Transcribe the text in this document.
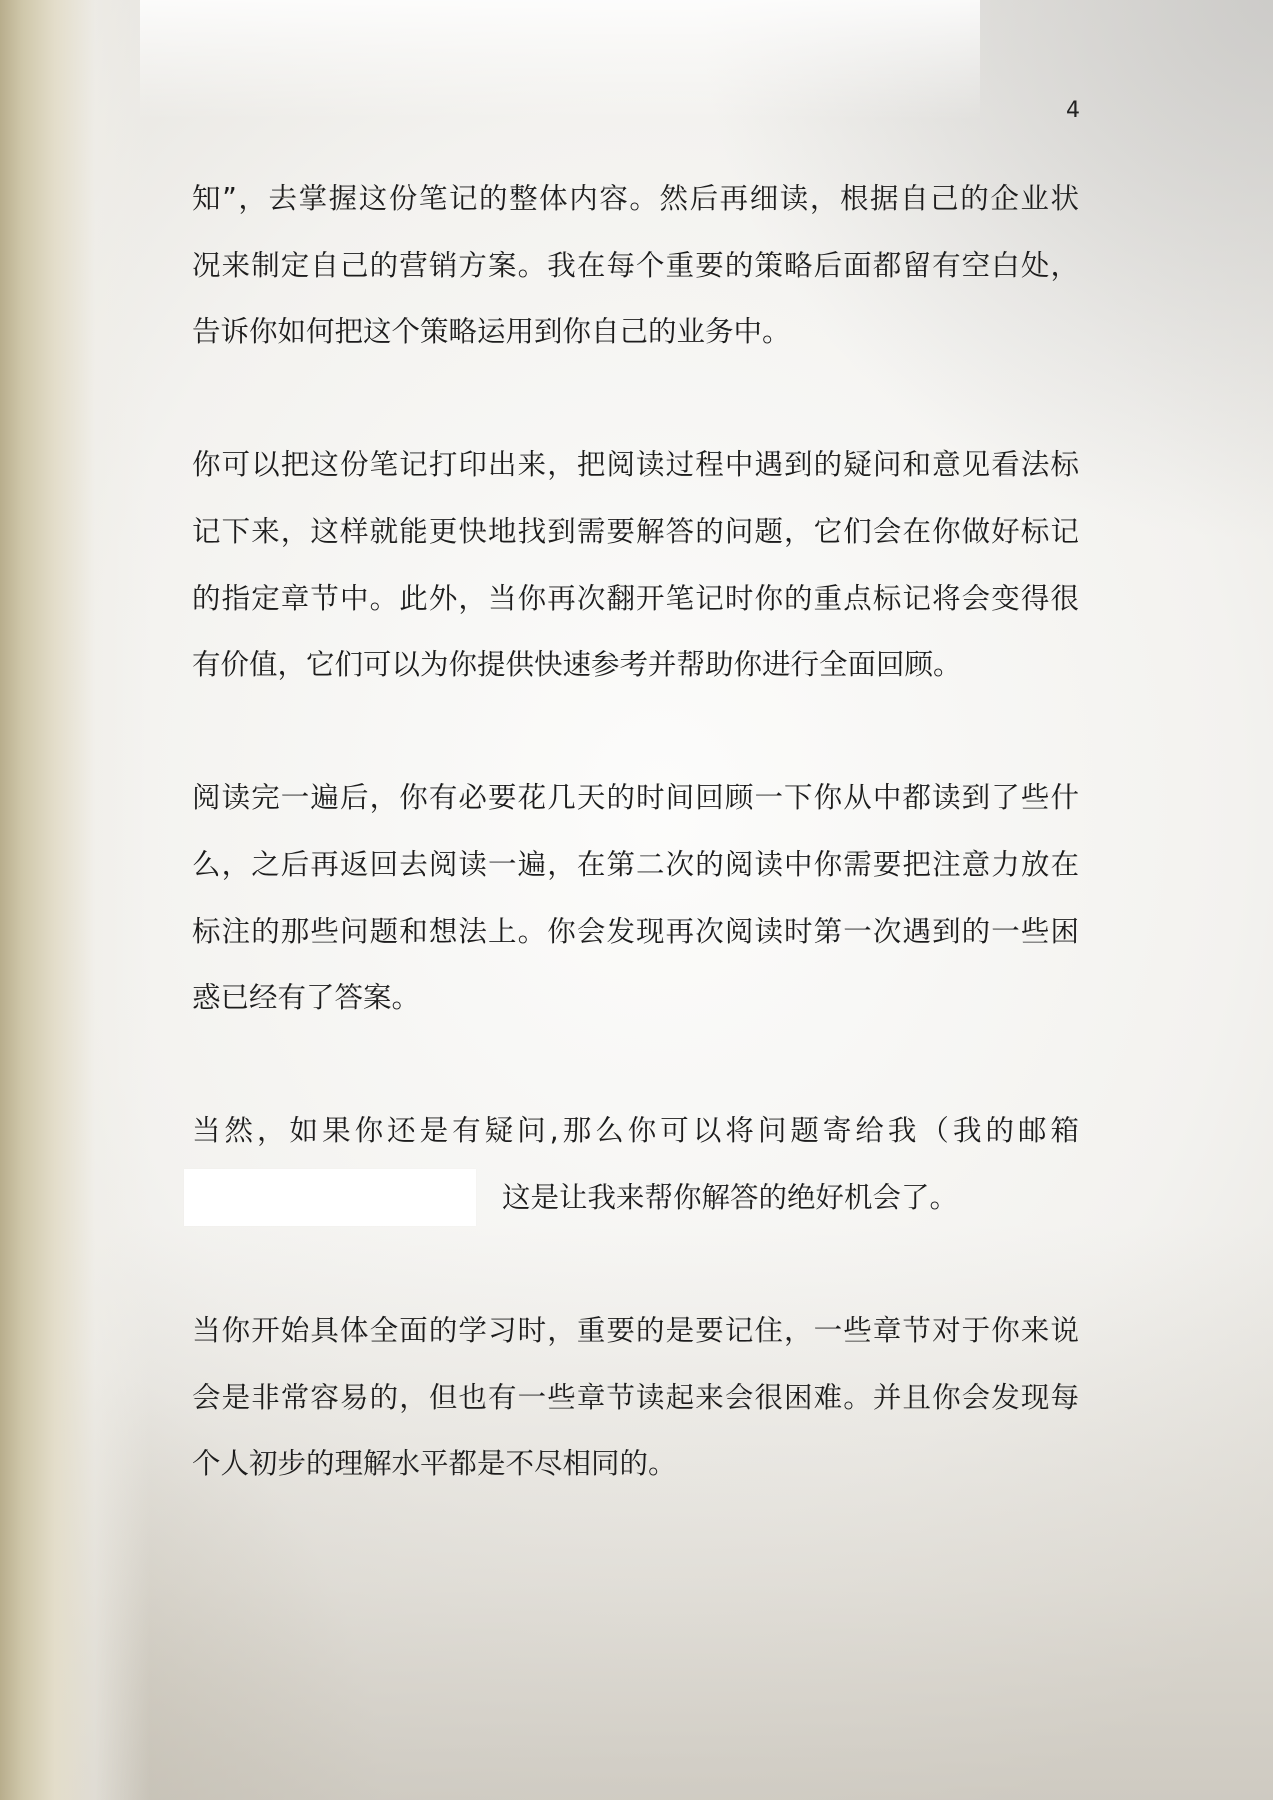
4
知”，去掌握这份笔记的整体内容。然后再细读，根据自己的企业状
况来制定自己的营销方案。我在每个重要的策略后面都留有空白处，
告诉你如何把这个策略运用到你自己的业务中。
你可以把这份笔记打印出来，把阅读过程中遇到的疑问和意见看法标
记下来，这样就能更快地找到需要解答的问题，它们会在你做好标记
的指定章节中。此外，当你再次翻开笔记时你的重点标记将会变得很
有价值，它们可以为你提供快速参考并帮助你进行全面回顾。
阅读完一遍后，你有必要花几天的时间回顾一下你从中都读到了些什
么，之后再返回去阅读一遍，在第二次的阅读中你需要把注意力放在
标注的那些问题和想法上。你会发现再次阅读时第一次遇到的一些困
惑已经有了答案。
当然，如果你还是有疑问,那么你可以将问题寄给我（我的邮箱
这是让我来帮你解答的绝好机会了。
当你开始具体全面的学习时，重要的是要记住，一些章节对于你来说
会是非常容易的，但也有一些章节读起来会很困难。并且你会发现每
个人初步的理解水平都是不尽相同的。
